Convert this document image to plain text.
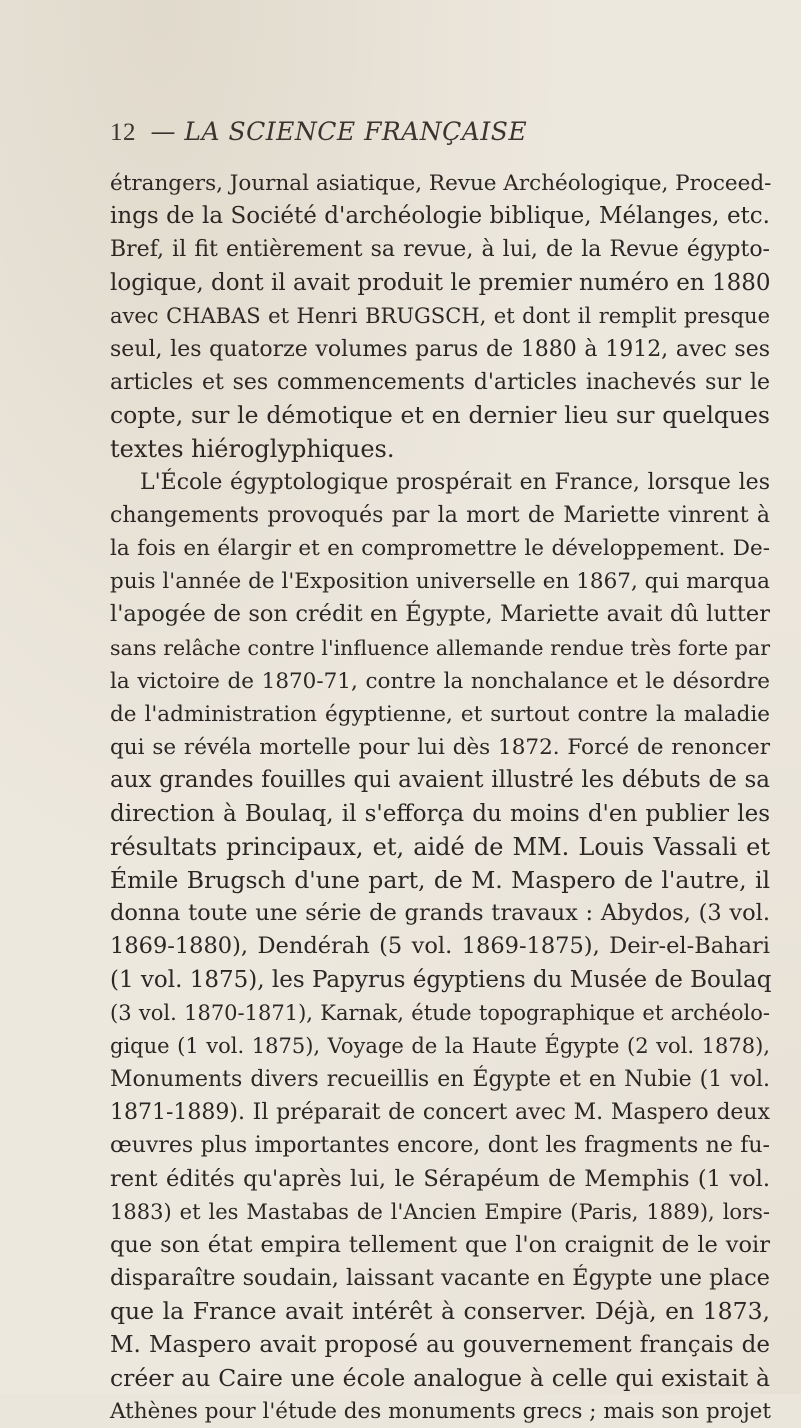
12 — LA SCIENCE FRANÇAISE
étrangers, Journal asiatique, Revue Archéologique, Proceed-
ings de la Société d'archéologie biblique, Mélanges, etc.
Bref, il fit entièrement sa revue, à lui, de la Revue égypto-
logique, dont il avait produit le premier numéro en 1880
avec CHABAS et Henri BRUGSCH, et dont il remplit presque
seul, les quatorze volumes parus de 1880 à 1912, avec ses
articles et ses commencements d'articles inachevés sur le
copte, sur le démotique et en dernier lieu sur quelques
textes hiéroglyphiques.
L'École égyptologique prospérait en France, lorsque les
changements provoqués par la mort de Mariette vinrent à
la fois en élargir et en compromettre le développement. De-
puis l'année de l'Exposition universelle en 1867, qui marqua
l'apogée de son crédit en Égypte, Mariette avait dû lutter
sans relâche contre l'influence allemande rendue très forte par
la victoire de 1870-71, contre la nonchalance et le désordre
de l'administration égyptienne, et surtout contre la maladie
qui se révéla mortelle pour lui dès 1872. Forcé de renoncer
aux grandes fouilles qui avaient illustré les débuts de sa
direction à Boulaq, il s'efforça du moins d'en publier les
résultats principaux, et, aidé de MM. Louis Vassali et
Émile Brugsch d'une part, de M. Maspero de l'autre, il
donna toute une série de grands travaux : Abydos, (3 vol.
1869-1880), Dendérah (5 vol. 1869-1875), Deir-el-Bahari
(1 vol. 1875), les Papyrus égyptiens du Musée de Boulaq
(3 vol. 1870-1871), Karnak, étude topographique et archéolo-
gique (1 vol. 1875), Voyage de la Haute Égypte (2 vol. 1878),
Monuments divers recueillis en Égypte et en Nubie (1 vol.
1871-1889). Il préparait de concert avec M. Maspero deux
œuvres plus importantes encore, dont les fragments ne fu-
rent édités qu'après lui, le Sérapéum de Memphis (1 vol.
1883) et les Mastabas de l'Ancien Empire (Paris, 1889), lors-
que son état empira tellement que l'on craignit de le voir
disparaître soudain, laissant vacante en Égypte une place
que la France avait intérêt à conserver. Déjà, en 1873,
M. Maspero avait proposé au gouvernement français de
créer au Caire une école analogue à celle qui existait à
Athènes pour l'étude des monuments grecs ; mais son projet
